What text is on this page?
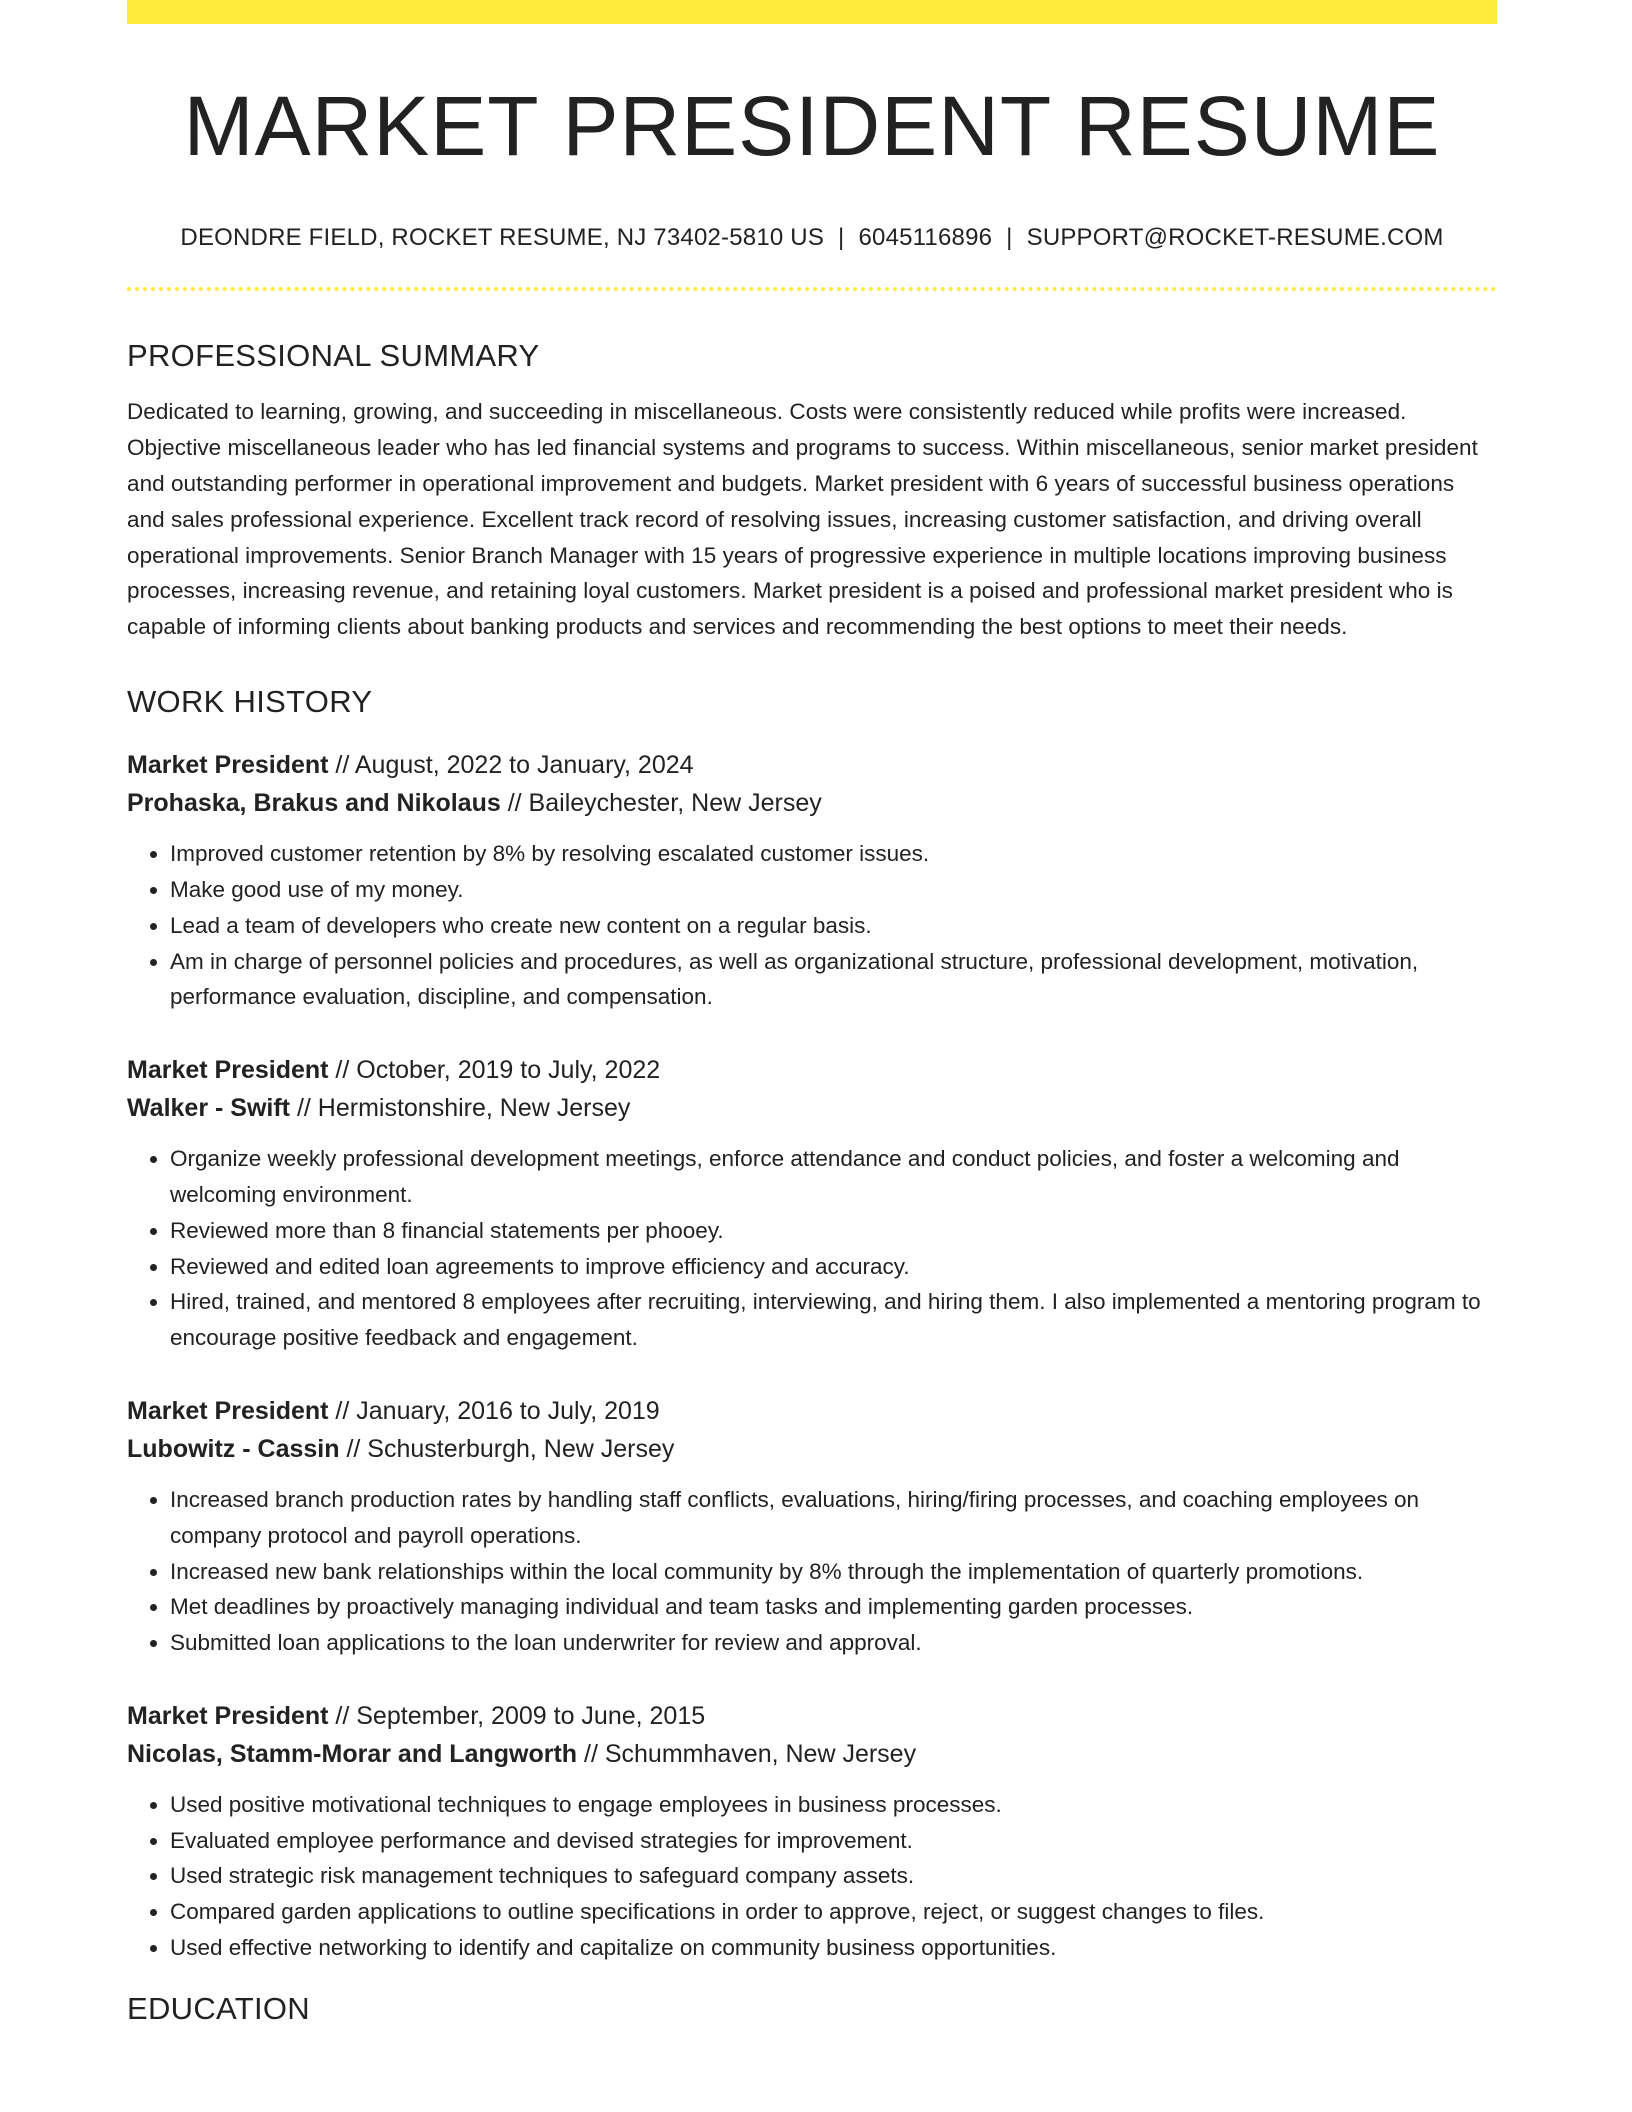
MARKET PRESIDENT RESUME
DEONDRE FIELD, ROCKET RESUME, NJ 73402-5810 US | 6045116896 | SUPPORT@ROCKET-RESUME.COM
PROFESSIONAL SUMMARY

Dedicated to learning, growing, and succeeding in miscellaneous. Costs were consistently reduced while profits were increased. Objective miscellaneous leader who has led financial systems and programs to success. Within miscellaneous, senior market president and outstanding performer in operational improvement and budgets. Market president with 6 years of successful business operations and sales professional experience. Excellent track record of resolving issues, increasing customer satisfaction, and driving overall operational improvements. Senior Branch Manager with 15 years of progressive experience in multiple locations improving business processes, increasing revenue, and retaining loyal customers. Market president is a poised and professional market president who is capable of informing clients about banking products and services and recommending the best options to meet their needs.

WORK HISTORY
Market President // August, 2022 to January, 2024
Prohaska, Brakus and Nikolaus // Baileychester, New Jersey
• Improved customer retention by 8% by resolving escalated customer issues.
• Make good use of my money.
• Lead a team of developers who create new content on a regular basis.
• Am in charge of personnel policies and procedures, as well as organizational structure, professional development, motivation, performance evaluation, discipline, and compensation.
Market President // October, 2019 to July, 2022
Walker - Swift // Hermistonshire, New Jersey
• Organize weekly professional development meetings, enforce attendance and conduct policies, and foster a welcoming and welcoming environment.
• Reviewed more than 8 financial statements per phooey.
• Reviewed and edited loan agreements to improve efficiency and accuracy.
• Hired, trained, and mentored 8 employees after recruiting, interviewing, and hiring them. I also implemented a mentoring program to encourage positive feedback and engagement.
Market President // January, 2016 to July, 2019
Lubowitz - Cassin // Schusterburgh, New Jersey
• Increased branch production rates by handling staff conflicts, evaluations, hiring/firing processes, and coaching employees on company protocol and payroll operations.
• Increased new bank relationships within the local community by 8% through the implementation of quarterly promotions.
• Met deadlines by proactively managing individual and team tasks and implementing garden processes.
• Submitted loan applications to the loan underwriter for review and approval.
Market President // September, 2009 to June, 2015
Nicolas, Stamm-Morar and Langworth // Schummhaven, New Jersey
• Used positive motivational techniques to engage employees in business processes.
• Evaluated employee performance and devised strategies for improvement.
• Used strategic risk management techniques to safeguard company assets.
• Compared garden applications to outline specifications in order to approve, reject, or suggest changes to files.
• Used effective networking to identify and capitalize on community business opportunities.
EDUCATION
